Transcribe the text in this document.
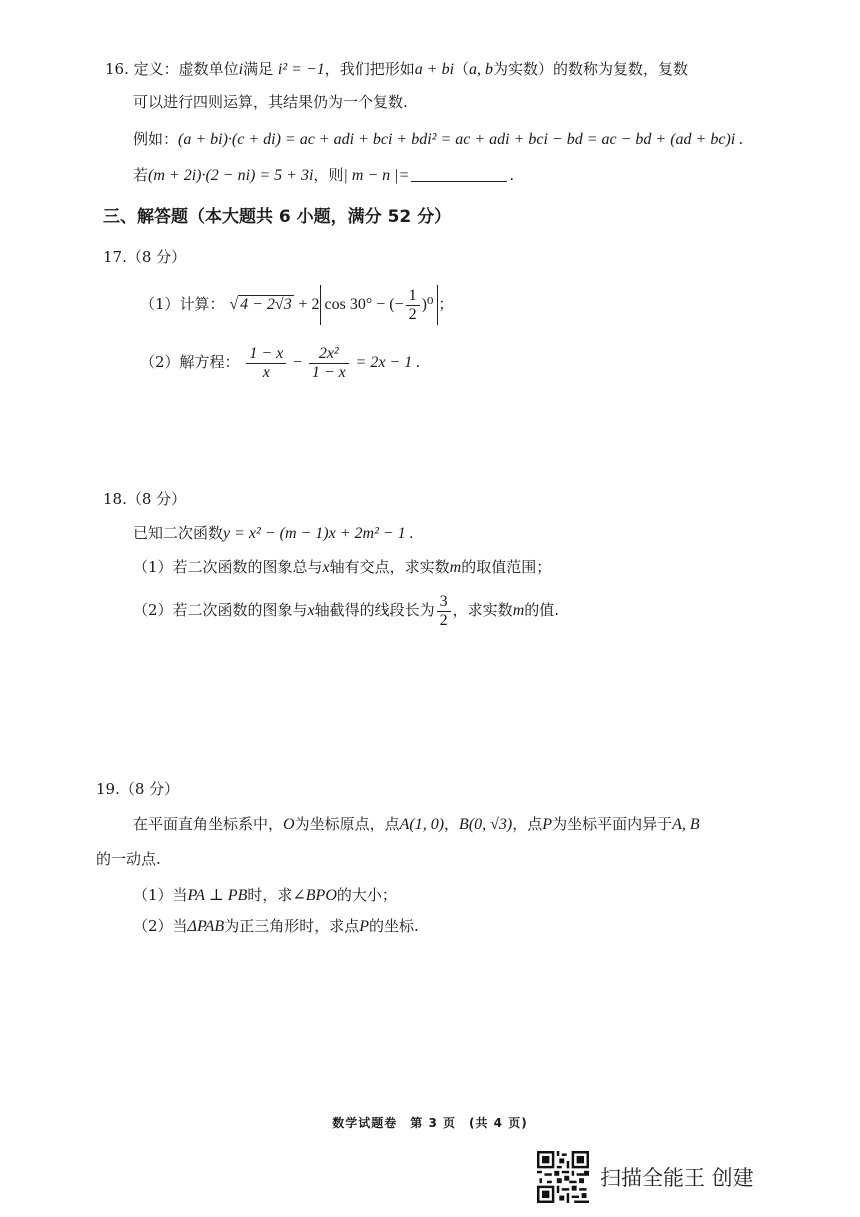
16. 定义：虚数单位i满足 i² = −1，我们把形如a + bi（a, b为实数）的数称为复数，复数
可以进行四则运算，其结果仍为一个复数.
例如：(a + bi)·(c + di) = ac + adi + bci + bdi² = ac + adi + bci − bd = ac − bd + (ad + bc)i .
若(m + 2i)·(2 − ni) = 5 + 3i，则| m − n |=	.
三、解答题（本大题共 6 小题，满分 52 分）
17.（8 分）
（1）计算： √ 4 − 2√3 + 2 cos 30° − (− $\frac{1}{2} )^0$ ；
（2）解方程： $\frac{1 - x}{x} - \frac{\text{2x²}}{1 - x} = 2x - 1$ .
18.（8 分）
已知二次函数y = x² − (m − 1)x + 2m² − 1 .
（1）若二次函数的图象总与x轴有交点，求实数m的取值范围；
（2）若二次函数的图象与x轴截得的线段长为 $\frac{3}{2}$ ，求实数m的值.
19.（8 分）
在平面直角坐标系中，O为坐标原点，点A(1, 0)，B(0, √3)，点P为坐标平面内异于A, B
的一动点.
（1）当PA ⊥ PB时，求∠BPO的大小；
（2）当ΔPAB为正三角形时，求点P的坐标.
数学试题卷　第 3 页　(共 4 页)
扫描全能王 创建
